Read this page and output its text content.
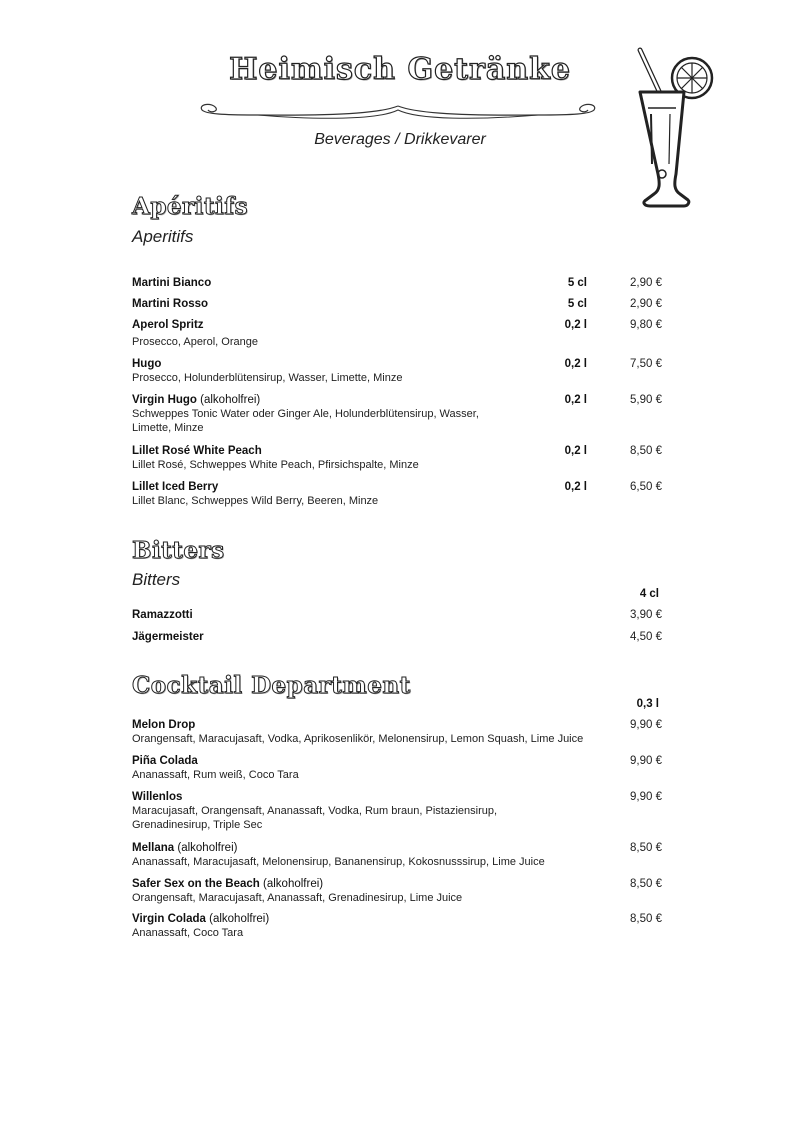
Heimisch Getränke
Beverages / Drikkevarer
Apéritifs
Aperitifs
Martini Bianco	5 cl	2,90 €
Martini Rosso	5 cl	2,90 €
Aperol Spritz
Prosecco, Aperol, Orange
0,2 l	9,80 €
Hugo
Prosecco, Holunderblütensirup, Wasser, Limette, Minze
0,2 l	7,50 €
Virgin Hugo (alkoholfrei)
Schweppes Tonic Water oder Ginger Ale, Holunderblütensirup, Wasser, Limette, Minze
0,2 l	5,90 €
Lillet Rosé White Peach
Lillet Rosé, Schweppes White Peach, Pfirsichspalte, Minze
0,2 l	8,50 €
Lillet Iced Berry
Lillet Blanc, Schweppes Wild Berry, Beeren, Minze
0,2 l	6,50 €
Bitters
Bitters
4 cl
Ramazzotti	3,90 €
Jägermeister	4,50 €
Cocktail Department
0,3 l
Melon Drop
Orangensaft, Maracujasaft, Vodka, Aprikosenlikör, Melonensirup, Lemon Squash, Lime Juice
9,90 €
Piña Colada
Ananassaft, Rum weiß, Coco Tara
9,90 €
Willenlos
Maracujasaft, Orangensaft, Ananassaft, Vodka, Rum braun, Pistaziensirup, Grenadinesirup, Triple Sec
9,90 €
Mellana (alkoholfrei)
Ananassaft, Maracujasaft, Melonensirup, Bananensirup, Kokosnusssirup, Lime Juice
8,50 €
Safer Sex on the Beach (alkoholfrei)
Orangensaft, Maracujasaft, Ananassaft, Grenadinesirup, Lime Juice
8,50 €
Virgin Colada (alkoholfrei)
Ananassaft, Coco Tara
8,50 €
